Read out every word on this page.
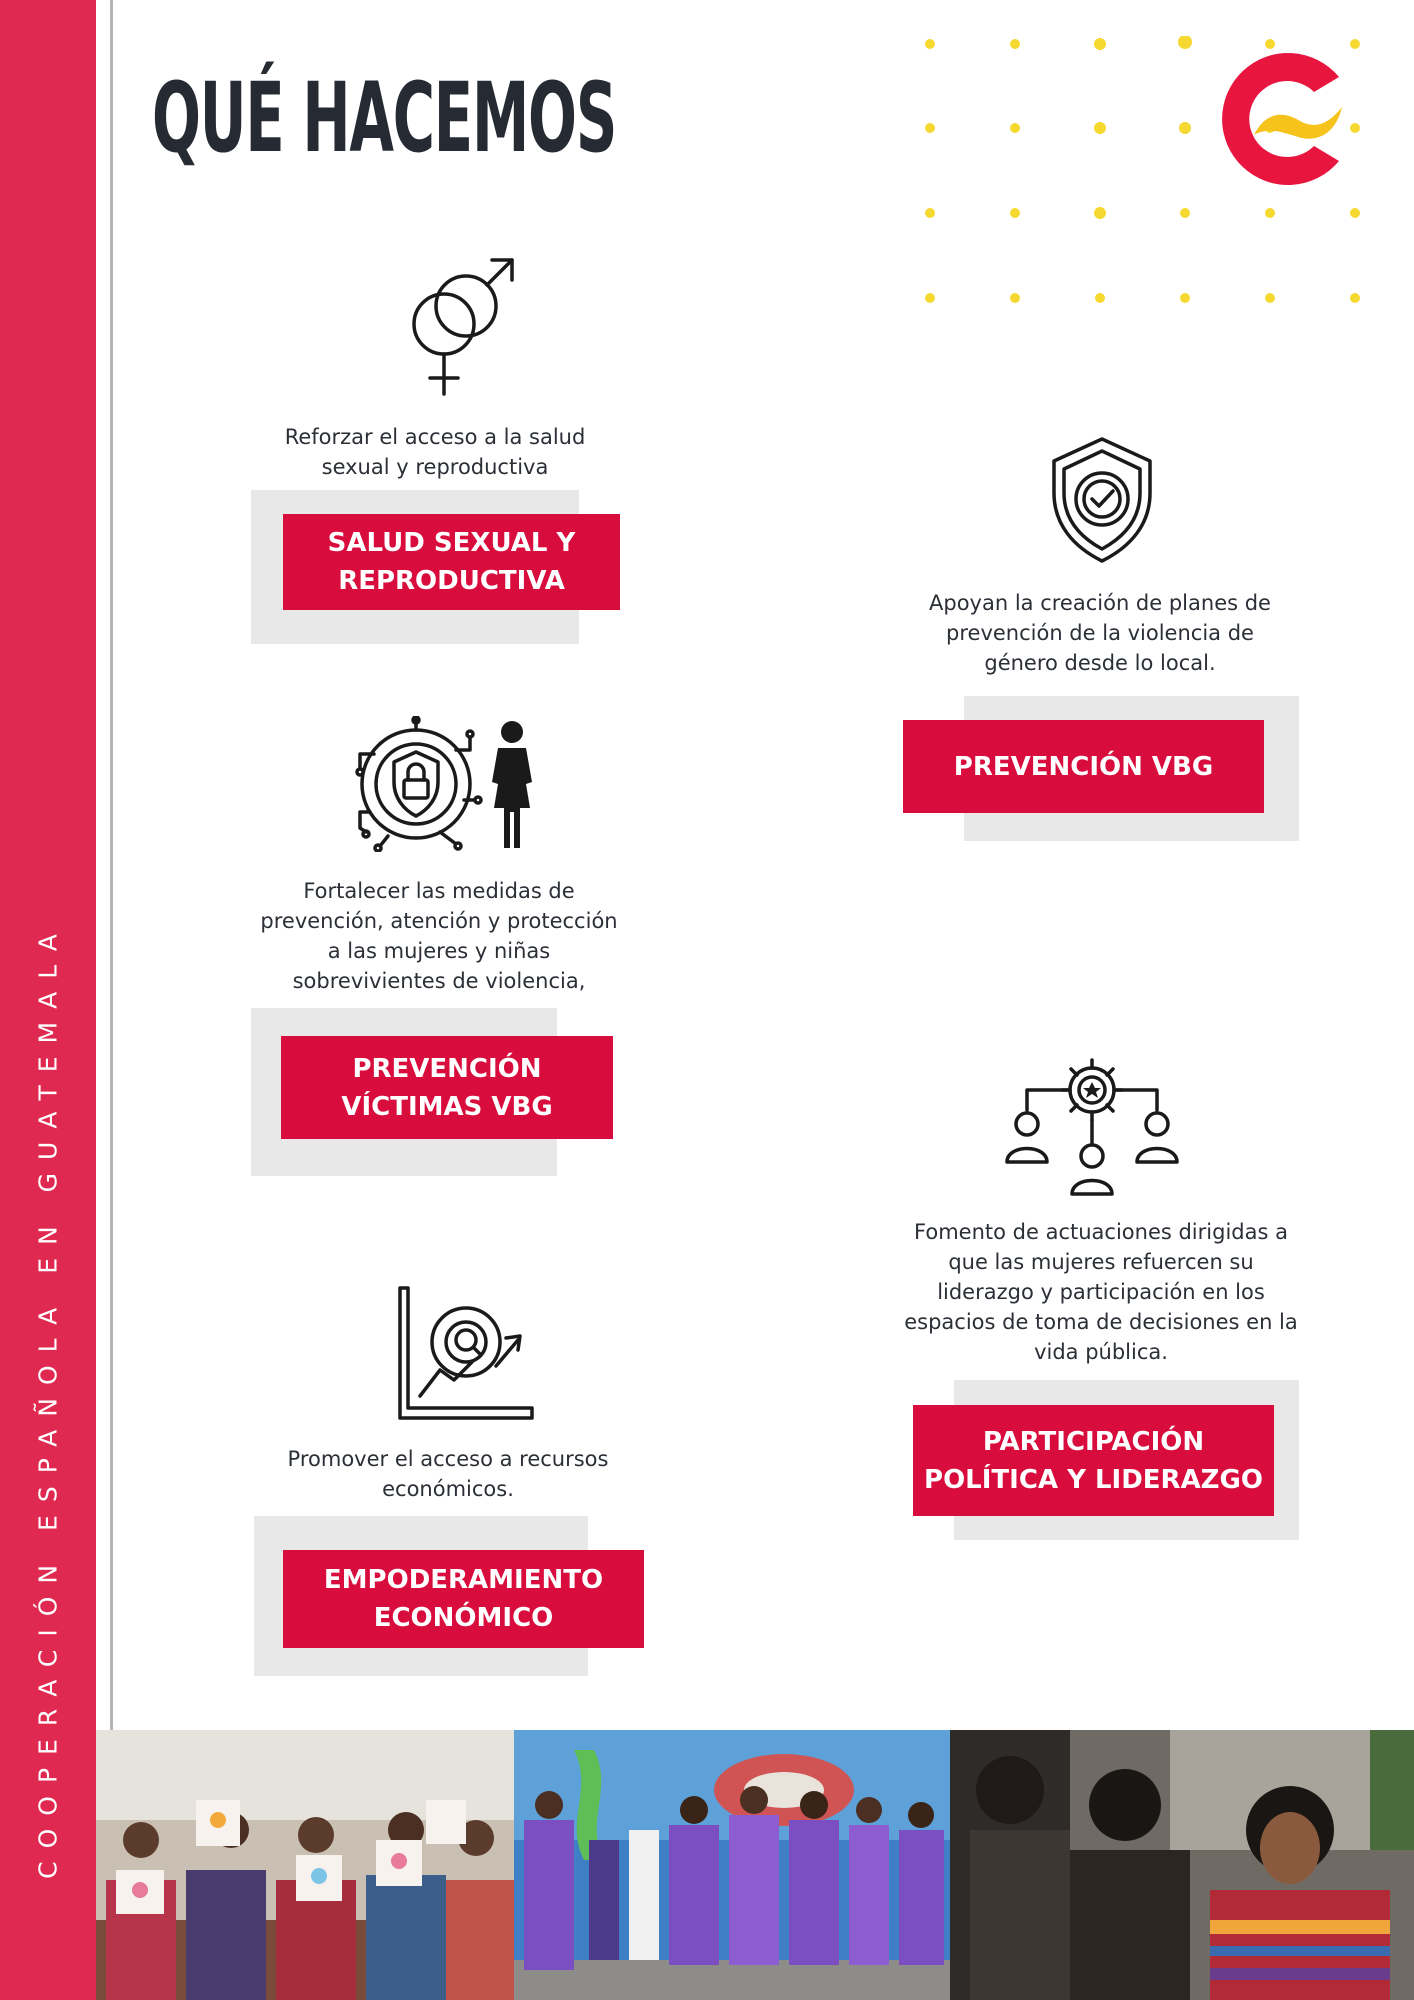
COOPERACIÓN ESPAÑOLA EN GUATEMALA
QUÉ HACEMOS
Reforzar el acceso a la salud
sexual y reproductiva
SALUD SEXUAL Y
REPRODUCTIVA
Apoyan la creación de planes de
prevención de la violencia de
género desde lo local.
PREVENCIÓN VBG
Fortalecer las medidas de
prevención, atención y protección
a las mujeres y niñas
sobrevivientes de violencia,
PREVENCIÓN
VÍCTIMAS VBG
Fomento de actuaciones dirigidas a
que las mujeres refuercen su
liderazgo y participación en los
espacios de toma de decisiones en la
vida pública.
PARTICIPACIÓN
POLÍTICA Y LIDERAZGO
Promover el acceso a recursos
económicos.
EMPODERAMIENTO
ECONÓMICO
